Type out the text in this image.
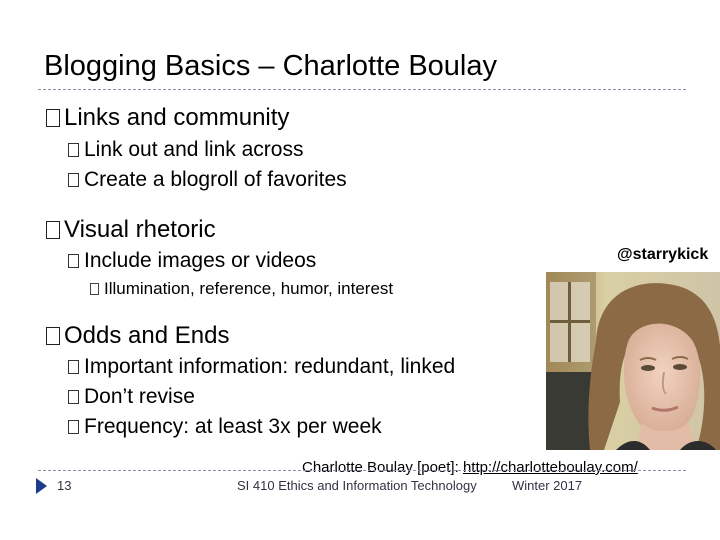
Blogging Basics – Charlotte Boulay
Links and community
Link out and link across
Create a blogroll of favorites
Visual rhetoric
Include images or videos
Illumination, reference, humor, interest
Odds and Ends
Important information: redundant, linked
Don’t revise
Frequency: at least 3x per week
@starrykick
Charlotte Boulay [poet]: http://charlotteboulay.com/
13	SI 410 Ethics and Information Technology	Winter 2017
